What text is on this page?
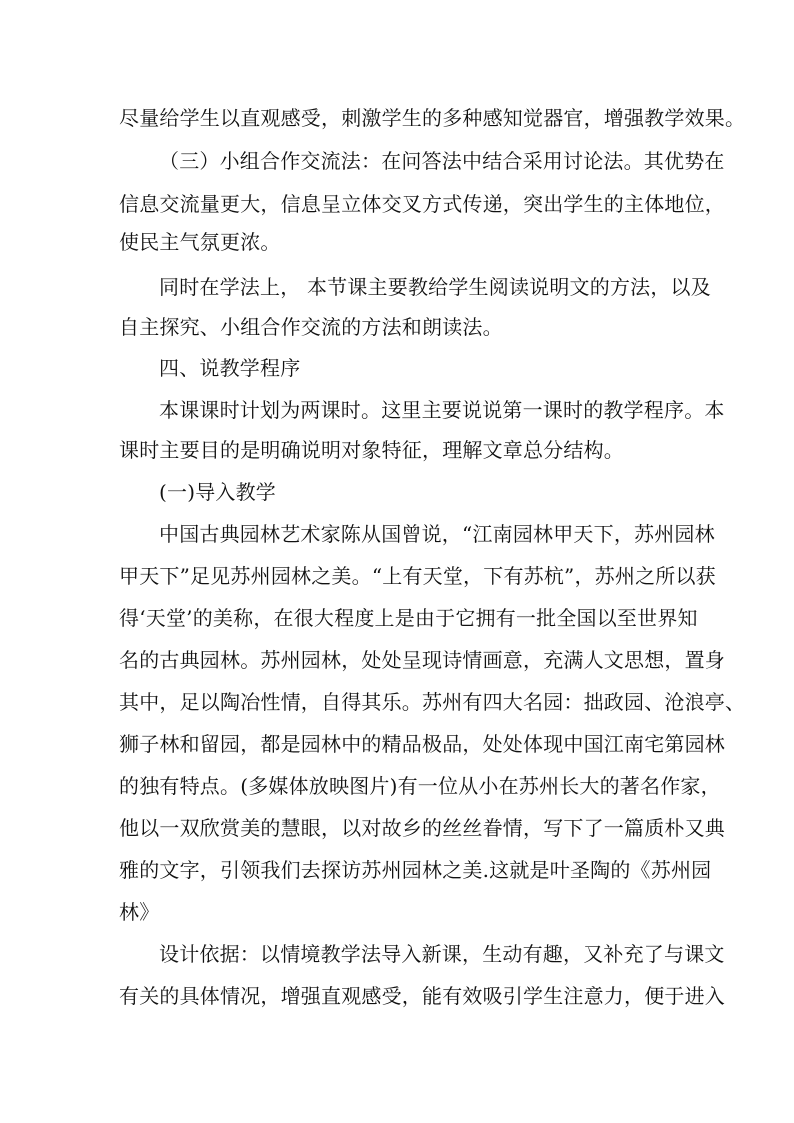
尽量给学生以直观感受，刺激学生的多种感知觉器官，增强教学效果。
（三）小组合作交流法：在问答法中结合采用讨论法。其优势在
信息交流量更大，信息呈立体交叉方式传递，突出学生的主体地位，
使民主气氛更浓。
同时在学法上， 本节课主要教给学生阅读说明文的方法，以及
自主探究、小组合作交流的方法和朗读法。
四、说教学程序
本课课时计划为两课时。这里主要说说第一课时的教学程序。本
课时主要目的是明确说明对象特征，理解文章总分结构。
(一)导入教学
中国古典园林艺术家陈从国曾说，“江南园林甲天下，苏州园林
甲天下”足见苏州园林之美。“上有天堂，下有苏杭”，苏州之所以获
得‘天堂’的美称，在很大程度上是由于它拥有一批全国以至世界知
名的古典园林。苏州园林，处处呈现诗情画意，充满人文思想，置身
其中，足以陶冶性情，自得其乐。苏州有四大名园：拙政园、沧浪亭、
狮子林和留园，都是园林中的精品极品，处处体现中国江南宅第园林
的独有特点。(多媒体放映图片)有一位从小在苏州长大的著名作家，
他以一双欣赏美的慧眼，以对故乡的丝丝眷情，写下了一篇质朴又典
雅的文字，引领我们去探访苏州园林之美.这就是叶圣陶的《苏州园
林》
设计依据：以情境教学法导入新课，生动有趣，又补充了与课文
有关的具体情况，增强直观感受，能有效吸引学生注意力，便于进入
